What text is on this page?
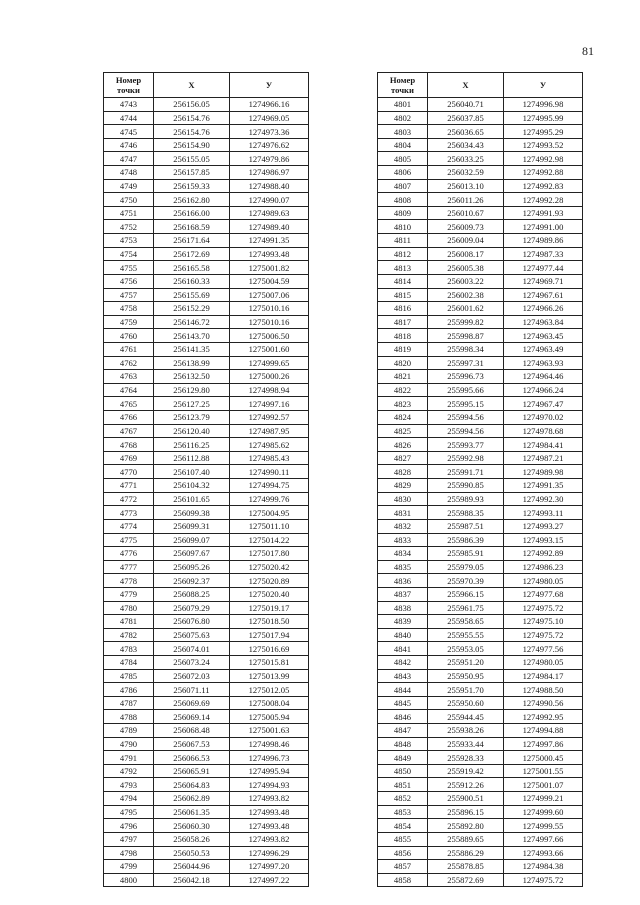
81
Номер
точки	X	У
4743	256156.05	1274966.16
4744	256154.76	1274969.05
4745	256154.76	1274973.36
4746	256154.90	1274976.62
4747	256155.05	1274979.86
4748	256157.85	1274986.97
4749	256159.33	1274988.40
4750	256162.80	1274990.07
4751	256166.00	1274989.63
4752	256168.59	1274989.40
4753	256171.64	1274991.35
4754	256172.69	1274993.48
4755	256165.58	1275001.82
4756	256160.33	1275004.59
4757	256155.69	1275007.06
4758	256152.29	1275010.16
4759	256146.72	1275010.16
4760	256143.70	1275006.50
4761	256141.35	1275001.60
4762	256138.99	1274999.65
4763	256132.50	1275000.26
4764	256129.80	1274998.94
4765	256127.25	1274997.16
4766	256123.79	1274992.57
4767	256120.40	1274987.95
4768	256116.25	1274985.62
4769	256112.88	1274985.43
4770	256107.40	1274990.11
4771	256104.32	1274994.75
4772	256101.65	1274999.76
4773	256099.38	1275004.95
4774	256099.31	1275011.10
4775	256099.07	1275014.22
4776	256097.67	1275017.80
4777	256095.26	1275020.42
4778	256092.37	1275020.89
4779	256088.25	1275020.40
4780	256079.29	1275019.17
4781	256076.80	1275018.50
4782	256075.63	1275017.94
4783	256074.01	1275016.69
4784	256073.24	1275015.81
4785	256072.03	1275013.99
4786	256071.11	1275012.05
4787	256069.69	1275008.04
4788	256069.14	1275005.94
4789	256068.48	1275001.63
4790	256067.53	1274998.46
4791	256066.53	1274996.73
4792	256065.91	1274995.94
4793	256064.83	1274994.93
4794	256062.89	1274993.82
4795	256061.35	1274993.48
4796	256060.30	1274993.48
4797	256058.26	1274993.82
4798	256050.53	1274996.29
4799	256044.96	1274997.20
4800	256042.18	1274997.22
Номер
точки	X	У
4801	256040.71	1274996.98
4802	256037.85	1274995.99
4803	256036.65	1274995.29
4804	256034.43	1274993.52
4805	256033.25	1274992.98
4806	256032.59	1274992.88
4807	256013.10	1274992.83
4808	256011.26	1274992.28
4809	256010.67	1274991.93
4810	256009.73	1274991.00
4811	256009.04	1274989.86
4812	256008.17	1274987.33
4813	256005.38	1274977.44
4814	256003.22	1274969.71
4815	256002.38	1274967.61
4816	256001.62	1274966.26
4817	255999.82	1274963.84
4818	255998.87	1274963.45
4819	255998.34	1274963.49
4820	255997.31	1274963.93
4821	255996.73	1274964.46
4822	255995.66	1274966.24
4823	255995.15	1274967.47
4824	255994.56	1274970.02
4825	255994.56	1274978.68
4826	255993.77	1274984.41
4827	255992.98	1274987.21
4828	255991.71	1274989.98
4829	255990.85	1274991.35
4830	255989.93	1274992.30
4831	255988.35	1274993.11
4832	255987.51	1274993.27
4833	255986.39	1274993.15
4834	255985.91	1274992.89
4835	255979.05	1274986.23
4836	255970.39	1274980.05
4837	255966.15	1274977.68
4838	255961.75	1274975.72
4839	255958.65	1274975.10
4840	255955.55	1274975.72
4841	255953.05	1274977.56
4842	255951.20	1274980.05
4843	255950.95	1274984.17
4844	255951.70	1274988.50
4845	255950.60	1274990.56
4846	255944.45	1274992.95
4847	255938.26	1274994.88
4848	255933.44	1274997.86
4849	255928.33	1275000.45
4850	255919.42	1275001.55
4851	255912.26	1275001.07
4852	255900.51	1274999.21
4853	255896.15	1274999.60
4854	255892.80	1274999.55
4855	255889.65	1274997.66
4856	255886.29	1274993.66
4857	255878.85	1274984.38
4858	255872.69	1274975.72
